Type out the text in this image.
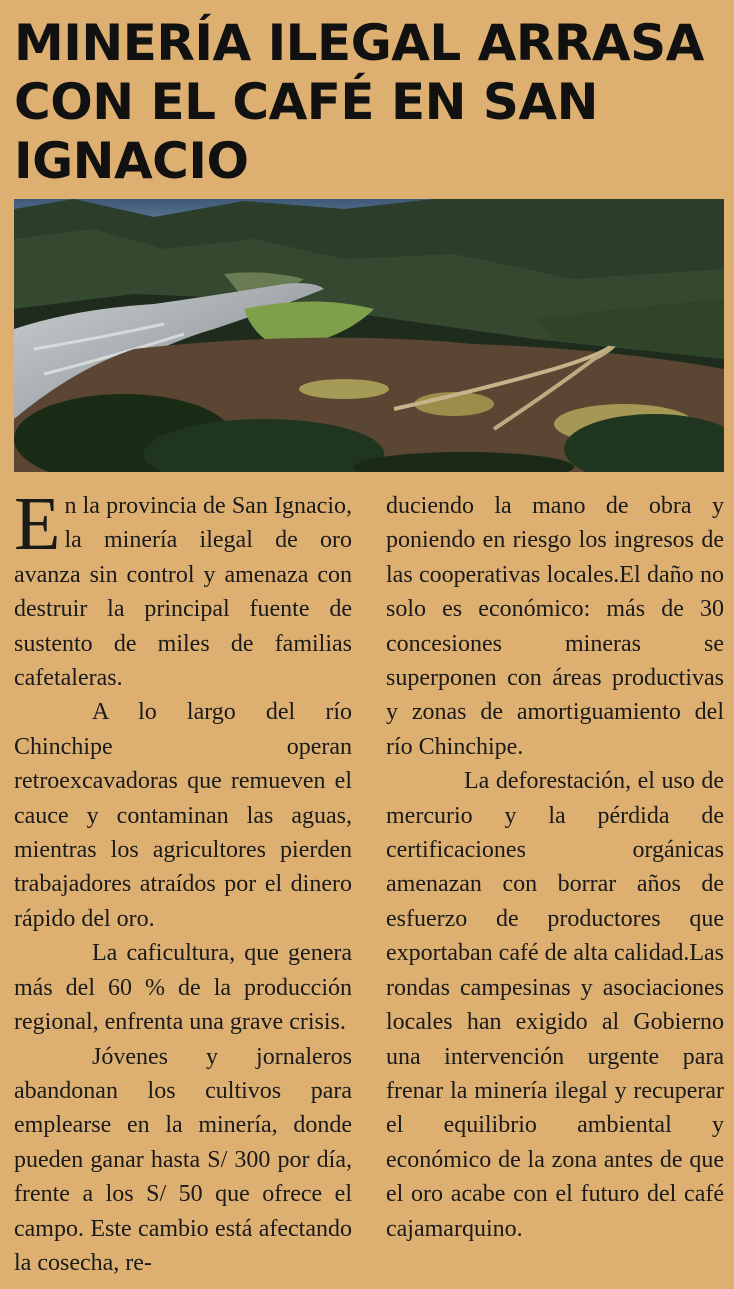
MINERÍA ILEGAL ARRASA CON EL CAFÉ EN SAN IGNACIO

En la provincia de San Ignacio, la minería ilegal de oro avanza sin control y amenaza con destruir la principal fuente de sustento de miles de familias cafetaleras.

A lo largo del río Chinchipe operan retroexcavadoras que remueven el cauce y contaminan las aguas, mientras los agricultores pierden trabajadores atraídos por el dinero rápido del oro.

La caficultura, que genera más del 60 % de la producción regional, enfrenta una grave crisis.

Jóvenes y jornaleros abandonan los cultivos para emplearse en la minería, donde pueden ganar hasta S/ 300 por día, frente a los S/ 50 que ofrece el campo. Este cambio está afectando la cosecha, re-

duciendo la mano de obra y poniendo en riesgo los ingresos de las cooperativas locales.El daño no solo es económico: más de 30 concesiones mineras se superponen con áreas productivas y zonas de amortiguamiento del río Chinchipe.

La deforestación, el uso de mercurio y la pérdida de certificaciones orgánicas amenazan con borrar años de esfuerzo de productores que exportaban café de alta calidad.Las rondas campesinas y asociaciones locales han exigido al Gobierno una intervención urgente para frenar la minería ilegal y recuperar el equilibrio ambiental y económico de la zona antes de que el oro acabe con el futuro del café cajamarquino.
